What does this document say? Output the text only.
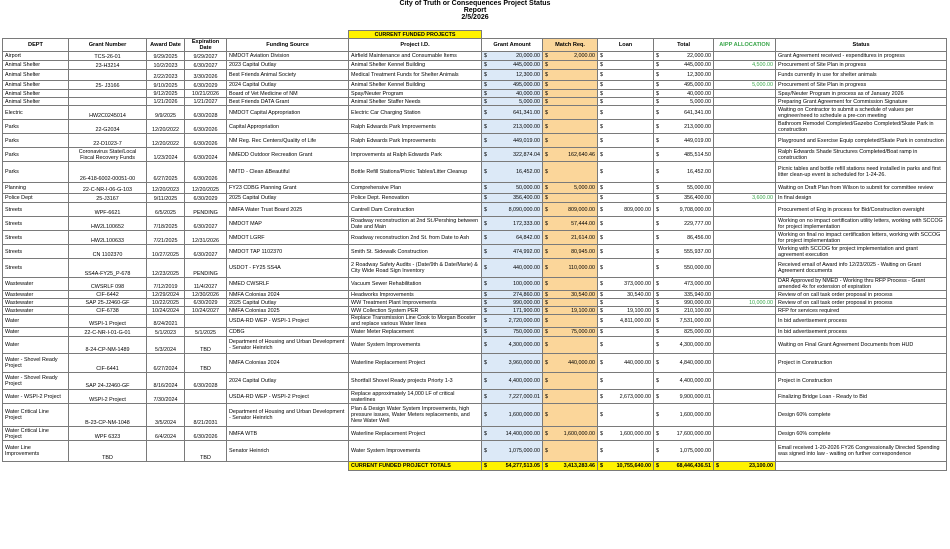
City of Truth or Consequences Project Status
Report
2/5/2026
					CURRENT FUNDED PROJECTS						
DEPT	Grant Number	Award Date	Expiration Date	Funding Source	Project I.D.	Grant Amount	Match Req.	Loan	Total	AIPP ALLOCATION	Status
Airport	TCS-26-01	9/29/2025	9/29/2027	NMDOT Aviation Division	Airfield Maintenance and Consumable Items	$ 20,000.00	$ 2,000.00	$	$ 22,000.00		Grant Agreement received - expenditures in progress
Animal Shelter	23-H3214	10/2/2023	6/30/2027	2023 Capital Outlay	Animal Shelter Kennel Building	$ 445,000.00	$	$	$ 445,000.00	4,500.00	Procurement of Site Plan in progress
Animal Shelter		2/22/2023	3/30/2026	Best Friends Animal Society	Medical Treatment Funds for Shelter Animals	$ 12,300.00	$	$	$ 12,300.00		Funds currently in use for shelter animals
Animal Shelter	25- J3166	9/10/2025	6/30/2029	2024 Capital Outlay	Animal Shelter Kennel Building	$ 495,000.00	$	$	$ 495,000.00	5,000.00	Procurement of Site Plan in progress
Animal Shelter		9/12/2025	10/21/2026	Board of Vet Medicine of NM	Spay/Neuter Program	$ 40,000.00	$	$	$ 40,000.00		Spay/Neuter Program in process as of January 2026
Animal Shelter		1/21/2026	1/21/2027	Best Friends DATA Grant	Animal Shelter Staffer Needs	$ 5,000.00	$	$	$ 5,000.00		Preparing Grant Agreement for Commission Signature
Electric	HW2C0245014	9/9/2025	6/30/2028	NMDOT Capital Appropriation	Electric Car Charging Station	$ 641,341.00	$	$	$ 641,341.00		Waiting on Contractor to submit a schedule of values per engineer/need to schedule a pre-con meeting
Parks	22-G2034	12/20/2022	6/30/2026	Capital Appropriation	Ralph Edwards Park Improvements	$ 213,000.00	$	$	$ 213,000.00		Bathroom Remodel Completed/Gazebo Completed/Skate Park in construction
Parks	22-D1023-7	12/20/2022	6/30/2026	NM Reg. Rec Centers/Quality of Life	Ralph Edwards Park Improvements	$ 449,019.00	$	$	$ 449,019.00		Playground and Exercise Equip completed/Skate Park in construction
Parks	Coronavirus State/Local Fiscal Recovery Funds	1/23/2024	6/30/2024	NMEDD Outdoor Recreation Grant	Improvements at Ralph Edwards Park	$ 322,874.04	$ 162,640.46	$	$ 485,514.50		Ralph Edwards Shade Structures Completed/Boat ramp in construction
Parks	26-418-6002-00051-00	6/27/2025	6/30/2026	NMTD - Clean &Beautiful	Bottle Refill Stations/Picnic Tables/Litter Cleanup	$ 16,452.00	$	$	$ 16,452.00		Picnic tables and bottle refill stations need installed in parks and first litter clean-up event is scheduled for 1-24-26.
Planning	22-C-NR-I-06-G-103	12/20/2023	12/20/2025	FY23 CDBG Planning Grant	Comprehensive Plan	$ 50,000.00	$ 5,000.00	$	$ 55,000.00		Waiting on Draft Plan from Wilson to submit for committee review
Police Dept	25-J3167	9/11/2025	6/30/2029	2025 Capital Outlay	Police Dept. Renovation	$ 356,400.00	$	$	$ 356,400.00	3,600.00	In final design
Streets	WPF-6621	6/5/2025	PENDING	NMFA Water Trust Board 2025	Cantrell Dam Construction	$ 8,090,000.00	$ 809,000.00	$ 809,000.00	$ 9,708,000.00		Procurement of Eng in process for Bid/Construction oversight
Streets	HW2L100652	7/18/2025	6/30/2027	NMDOT MAP	Roadway reconstruction at 2nd St./Pershing between Date and Main	$ 172,333.00	$ 57,444.00	$	$ 229,777.00		Working on no impact certification utility letters, working with SCCOG for project implementation
Streets	HW2L100633	7/21/2025	12/31/2026	NMDOT LGRF	Roadway reconstruction 2nd St. from Date to Ash	$ 64,842.00	$ 21,614.00	$	$ 86,456.00		Working on final no impact certification letters, working with SCCOG for project implementation
Streets	CN 1102370	10/27/2025	6/30/2027	NMDOT TAP 1102370	Smith St. Sidewalk Construction	$ 474,992.00	$ 80,945.00	$	$ 555,937.00		Working with SCCOG for project implementation and grant agreement execution
Streets	SS4A-FY25_P-678	12/23/2025	PENDING	USDOT - FY25 SS4A	2 Roadway Safety Audits - (Date/9th & Date/Marie) & City Wide Road Sign Inventory	$ 440,000.00	$ 110,000.00	$	$ 550,000.00		Received email of Award info 12/23/2025 - Waiting on Grant Agreement documents
Wastewater	CWSRLF 098	7/12/2019	11/4/2027	NMED CWSRLF	Vacuum Sewer Rehabilitation	$ 100,000.00	$	$ 373,000.00	$ 473,000.00		DAR Approved by NMED - Working thru RFP Process - Grant amended 4x for extension of expiration
Wastewater	CIF-6442	12/29/2024	12/30/2026	NMFA Colonias 2024	Headworks Improvements	$ 274,860.00	$ 30,540.00	$ 30,540.00	$ 335,940.00		Review of on call task order proposal in process
Wastewater	SAP 25-J2460-GF	10/22/2025	6/30/2029	2025 Capital Outlay	WW Treatment Plant Improvements	$ 990,000.00	$	$	$ 990,000.00	10,000.00	Review of on call task order proposal in process
Wastewater	CIF-6738	10/24/2024	10/24/2027	NMFA Colonias 2025	WW Collection System PER	$ 171,900.00	$ 19,100.00	$ 19,100.00	$ 210,100.00		RFP for services required
Water	WSPI-1 Project	8/24/2021		USDA-RD WEP - WSPI-1 Project	Replace Transmission Line Cook to Morgan Booster and replace various Water lines	$ 2,720,000.00	$	$ 4,811,000.00	$ 7,531,000.00		In bid advertisement process
Water	22-C-NR-I-01-G-01	5/1/2023	5/1/2025	CDBG	Water Meter Replacement	$ 750,000.00	$ 75,000.00	$	$ 825,000.00		In bid advertisement process
Water	8-24-CP-NM-1489	5/3/2024	TBD	Department of Housing and Urban Development - Senator Heinrich	Water System Improvements	$ 4,300,000.00	$	$	$ 4,300,000.00		Waiting on Final Grant Agreement Documents from HUD
Water - Shovel Ready Project	CIF-6441	6/27/2024	TBD	NMFA Colonias 2024	Waterline Replacement Project	$ 3,960,000.00	$ 440,000.00	$ 440,000.00	$ 4,840,000.00		Project in Construction
Water - Shovel Ready Project	SAP 24-J2460-GF	8/16/2024	6/30/2028	2024 Capital Outlay	Shortfall Shovel Ready projects Priorty 1-3	$ 4,400,000.00	$	$	$ 4,400,000.00		Project in Construction
Water - WSPI-2 Project	WSPI-2 Project	7/30/2024		USDA-RD WEP - WSPI-2 Project	Replace approximately 14,000 LF of critical waterlines	$ 7,227,000.01	$	$ 2,673,000.00	$ 9,900,000.01		Finalizing Bridge Loan - Ready to Bid
Water Critical Line Project	B-23-CP-NM-1048	3/5/2024	8/21/2031	Department of Housing and Urban Development - Senator Heinrich	Plan & Design Water System Improvements, high pressure issues, Water Meters replacements, and New Water Well	$ 1,600,000.00	$	$	$ 1,600,000.00		Design 60% complete
Water Critical Line Project	WPF 6323	6/4/2024	6/30/2026	NMFA WTB	Waterline Replacement Project	$ 14,400,000.00	$ 1,600,000.00	$ 1,600,000.00	$ 17,600,000.00		Design 60% complete
Water Line Improvements	TBD		TBD	Senator Heinrich	Water System Improvements	$ 1,075,000.00	$	$	$ 1,075,000.00		Email received 1-20-2026 FY26 Congressionally Directed Spending was signed into law - waiting on further correspondence
					CURRENT FUNDED PROJECT TOTALS	$ 54,277,513.05	$ 3,413,283.46	$ 10,755,640.00	$ 68,446,436.51	$ 23,100.00	
